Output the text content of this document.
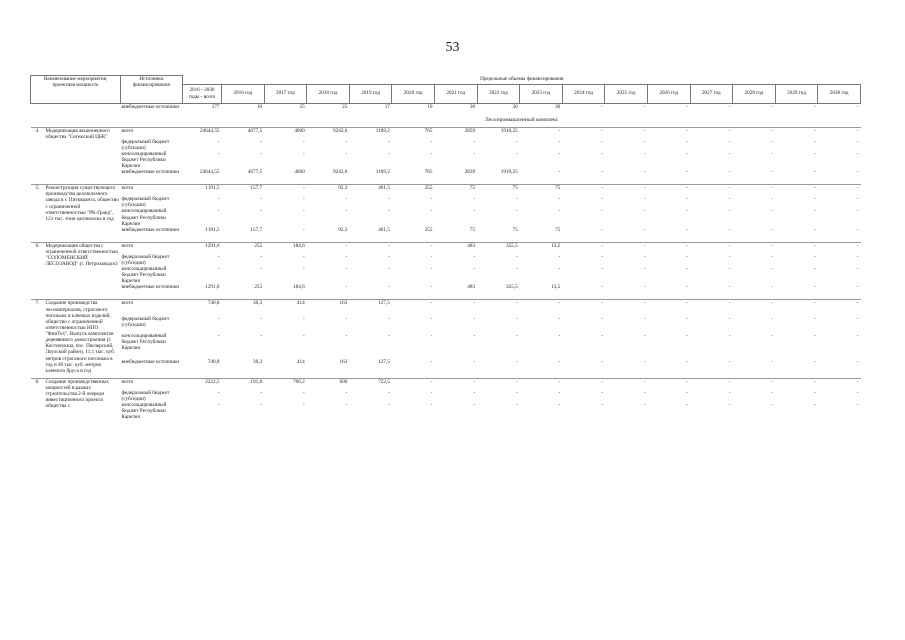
53
Наименование мероприятия, проектная мощность		Источники финансирования	Предельные объемы финансирования															
			2016 - 2030 годы - всего	2016 год	2017 год	2018 год	2019 год	2020 год	2021 год	2022 год	2023 год	2024 год	2025 год	2026 год	2027 год	2028 год	2029 год	2030 год
		внебюджетные источники	177	10	25	25	17	10	30	30	30	-	-	-	-	-	-	-
			Лесопромышленный комплекс															
4.	Модернизация акционерного общества "Сегежский ЦБК"	всего	24644,55	4677,5	4000	9243,6	1189,2	765	2859	1910,25	-	-	-	-	-	-	-	-
		федеральный бюджет (субсидии)	-	-	-	-	-	-	-	-	-	-	-	-	-	-	-	-
		консолидированный бюджет Республики Карелия	-	-	-	-	-	-	-	-	-	-	-	-	-	-	-	-
		внебюджетные источники	24644,55	4677,5	4000	9243,6	1189,2	765	2839	1910,25	-	-	-	-	-	-	-	-

5.	Реконструкция существующего производства целлюлозного завода в г. Питкяранта, общество с ограниченной ответственностью "РК-Гранд", 121 тыс. тонн целлюлозы в год	всего	1191,5	157,7	-	92,3	461,5	255	75	75	75	-	-	-	-	-	-	-
		федеральный бюджет (субсидии)	-	-	-	-	-	-	-	-	-	-	-	-	-	-	-	-
		консолидированный бюджет Республики Карелия	-	-	-	-	-	-	-	-	-	-	-	-	-	-	-	-
		внебюджетные источники	1191,5	157,7	-	92,3	461,5	255	75	75	75	-	-	-	-	-	-	-

6.	Модернизация общества с ограниченной ответственностью "СОЛОМЕНСКИЙ ЛЕСОЗАВОД" (г. Петрозаводск)	всего	1291,6	255	184,6	-	-	-	483	355,5	13,5	-	-	-	-	-	-	-
		федеральный бюджет (субсидии)	-	-	-	-	-	-	-	-	-	-	-	-	-	-	-	-
		консолидированный бюджет Республики Карелия	-	-	-	-	-	-	-	-	-	-	-	-	-	-	-	-
		внебюджетные источники	1291,6	255	184,6	-	-	-	483	355,5	13,5	-	-	-	-	-	-	-

7.	Создание производства лесоматериалов, строганого погонажа и клееных изделий, общество с ограниченной ответственностью НПО "ФинТех". Выпуск комплектов деревянного домостроения (г. Костомукша, пос. Пяозерский, Лоухский район), 11,1 тыс. куб. метров строганого погонажа в год и 40 тыс. куб. метров клееного бруса в год	всего	740,8	36,3	414	163	127,5	-	-	-	-	-	-	-	-	-	-	-
		федеральный бюджет (субсидии)	-	-	-	-	-	-	-	-	-	-	-	-	-	-	-	-
		консолидированный бюджет Республики Карелия	-	-	-	-	-	-	-	-	-	-	-	-	-	-	-	-
		внебюджетные источники	740,8	36,3	414	163	127,5	-	-	-	-	-	-	-	-	-	-	-

8.	Создание производственных мощностей в рамках строительства 2-й очереди инвестиционного проекта общества с	всего	2222,5	191,8	706,2	600	722,5	-	-	-	-	-	-	-	-	-	-	-
		федеральный бюджет (субсидии)	-	-	-	-	-	-	-	-	-	-	-	-	-	-	-	-
		консолидированный бюджет Республики Карелия	-	-	-	-	-	-	-	-	-	-	-	-	-	-	-	-
